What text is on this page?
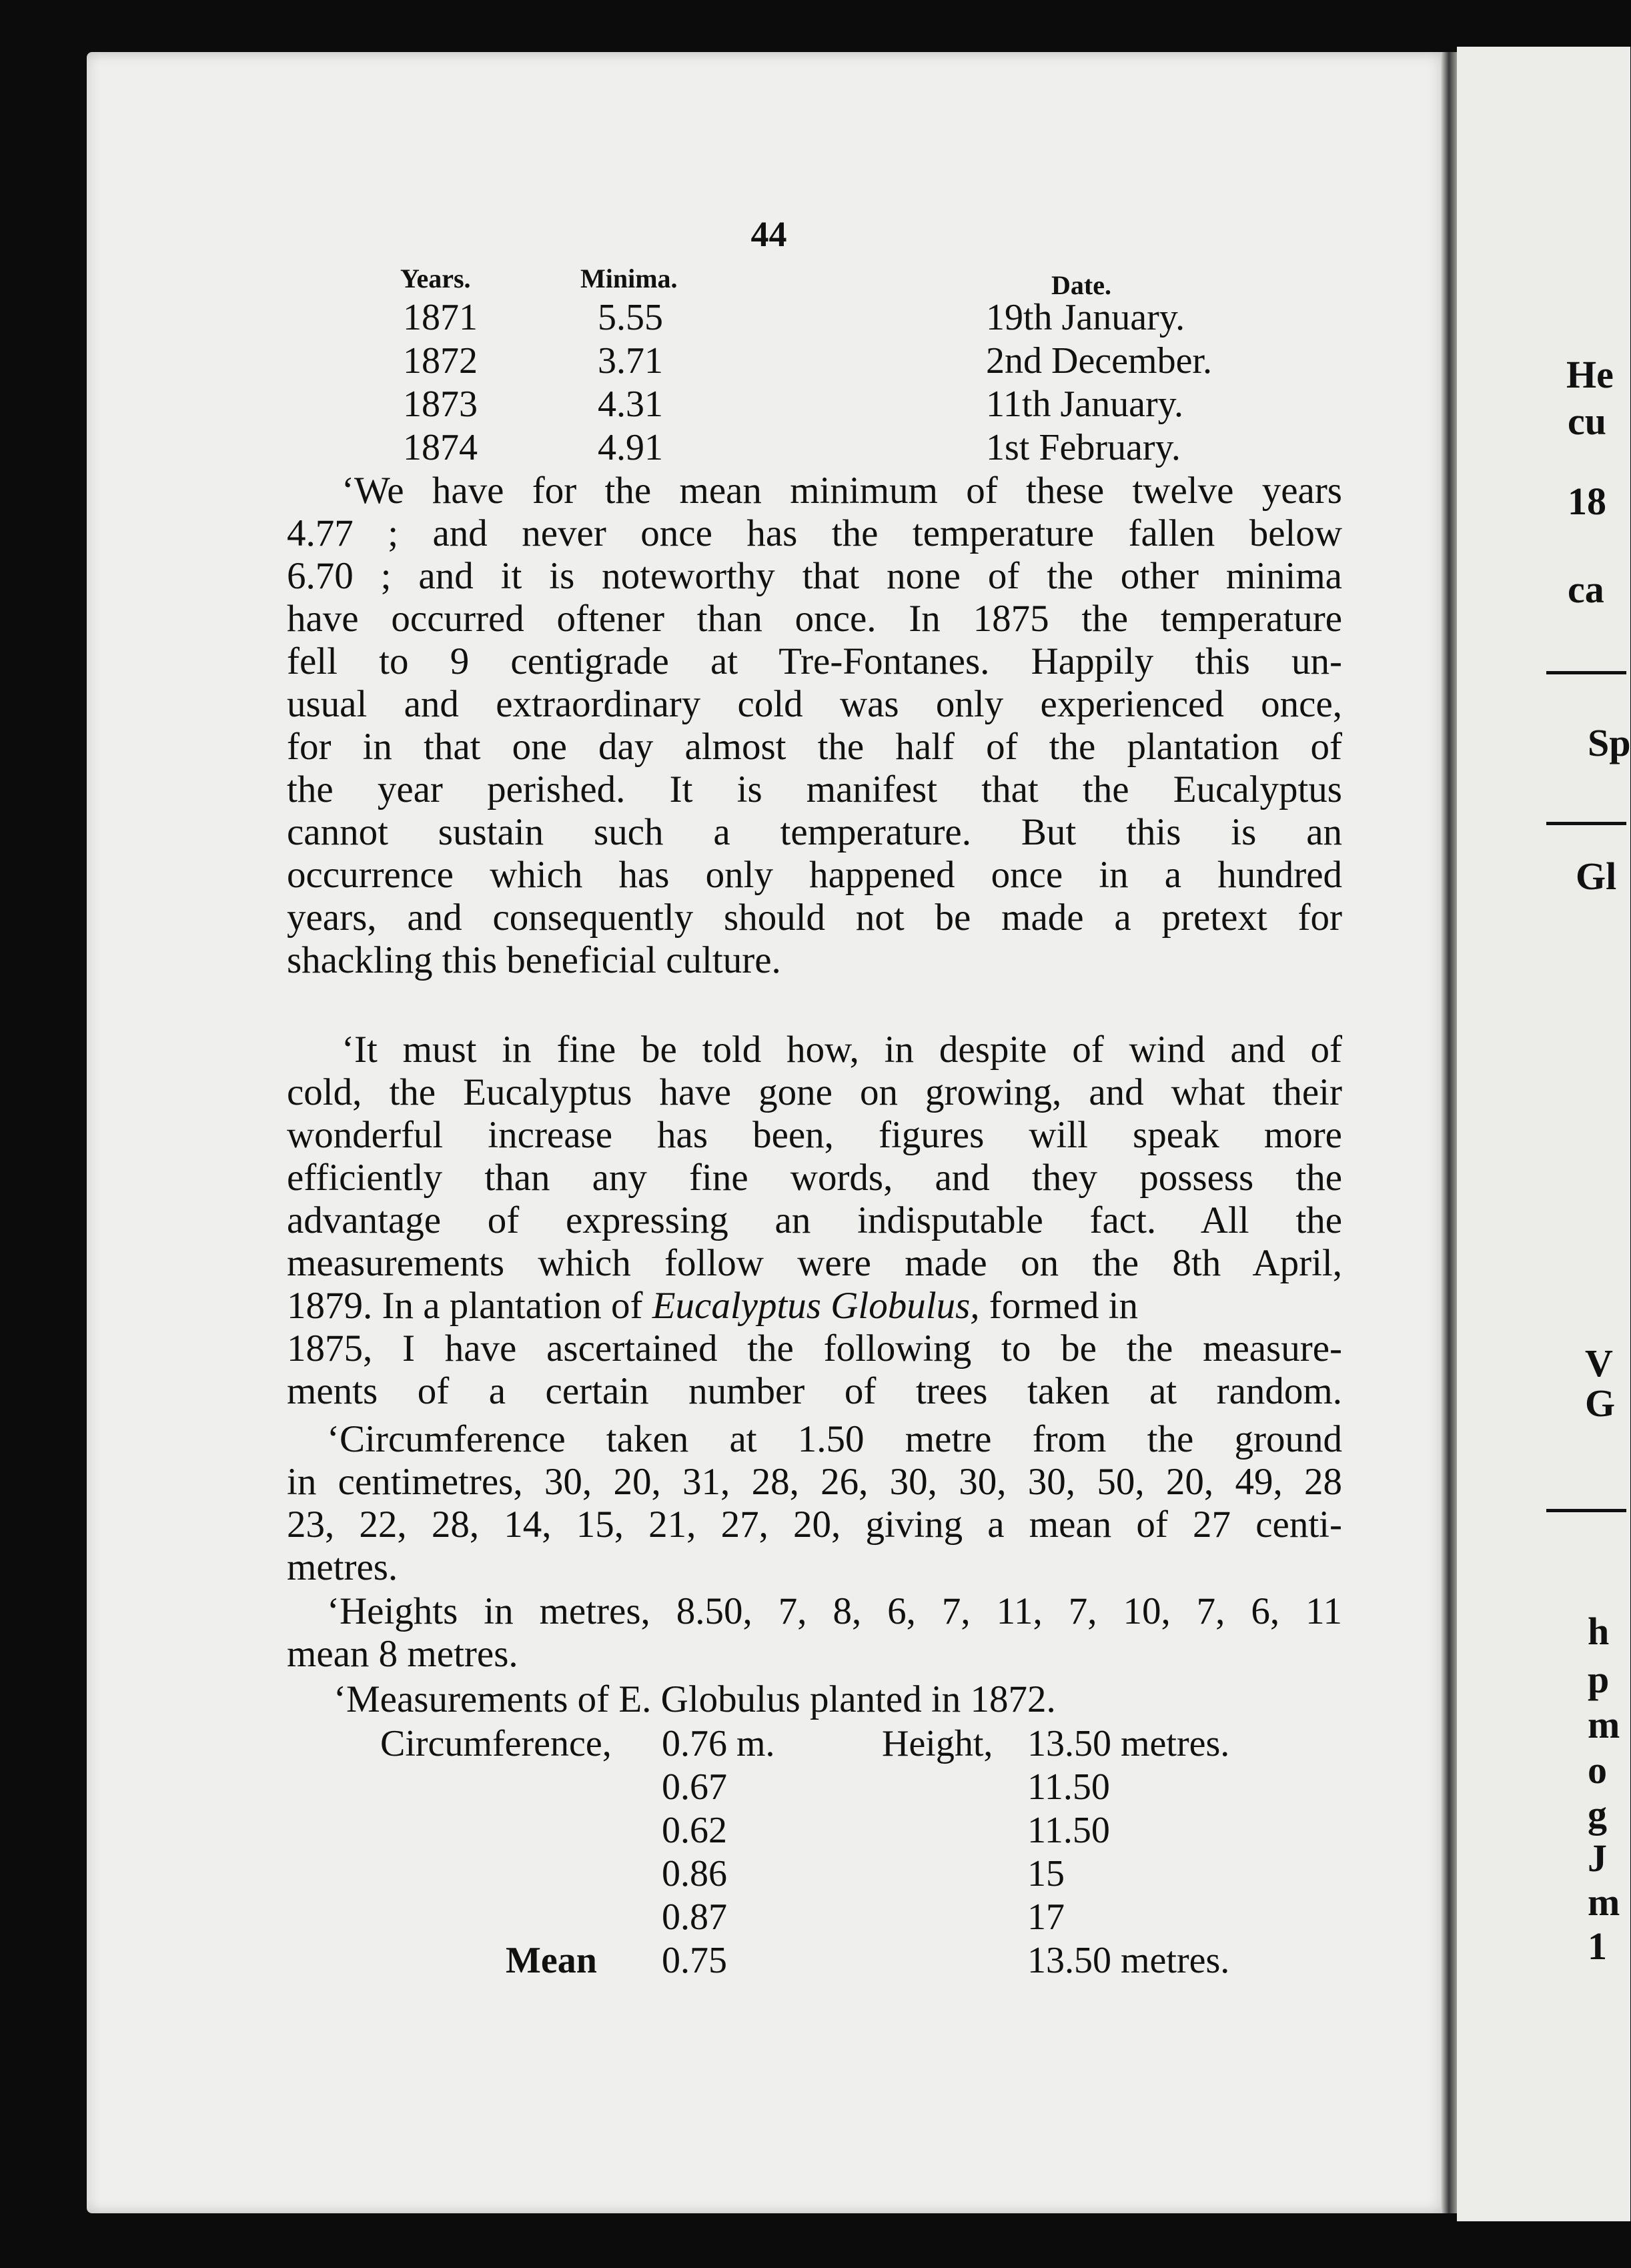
44
Years.	Minima.	Date.
1871	5.55	19th January.
1872	3.71	2nd December.
1873	4.31	11th January.
1874	4.91	1st February.
‘We have for the mean minimum of these twelve years
4.77 ; and never once has the temperature fallen below
6.70 ; and it is noteworthy that none of the other minima
have occurred oftener than once. In 1875 the temperature
fell to 9 centigrade at Tre-Fontanes. Happily this un-
usual and extraordinary cold was only experienced once,
for in that one day almost the half of the plantation of
the year perished. It is manifest that the Eucalyptus
cannot sustain such a temperature. But this is an
occurrence which has only happened once in a hundred
years, and consequently should not be made a pretext for
shackling this beneficial culture.
‘It must in fine be told how, in despite of wind and of
cold, the Eucalyptus have gone on growing, and what their
wonderful increase has been, figures will speak more
efficiently than any fine words, and they possess the
advantage of expressing an indisputable fact. All the
measurements which follow were made on the 8th April,
1879. In a plantation of Eucalyptus Globulus, formed in
1875, I have ascertained the following to be the measure-
ments of a certain number of trees taken at random.
‘Circumference taken at 1.50 metre from the ground
in centimetres, 30, 20, 31, 28, 26, 30, 30, 30, 50, 20, 49, 28
23, 22, 28, 14, 15, 21, 27, 20, giving a mean of 27 centi-
metres.
‘Heights in metres, 8.50, 7, 8, 6, 7, 11, 7, 10, 7, 6, 11
mean 8 metres.
‘Measurements of E. Globulus planted in 1872.
Circumference, 0.76 m.	Height, 13.50 metres.
0.67	11.50
0.62	11.50
0.86	15
0.87	17
Mean 0.75	13.50 metres.
He
cu
18
ca
Sp
Gl
V
G
h
p
m
o
g
J
m
1
